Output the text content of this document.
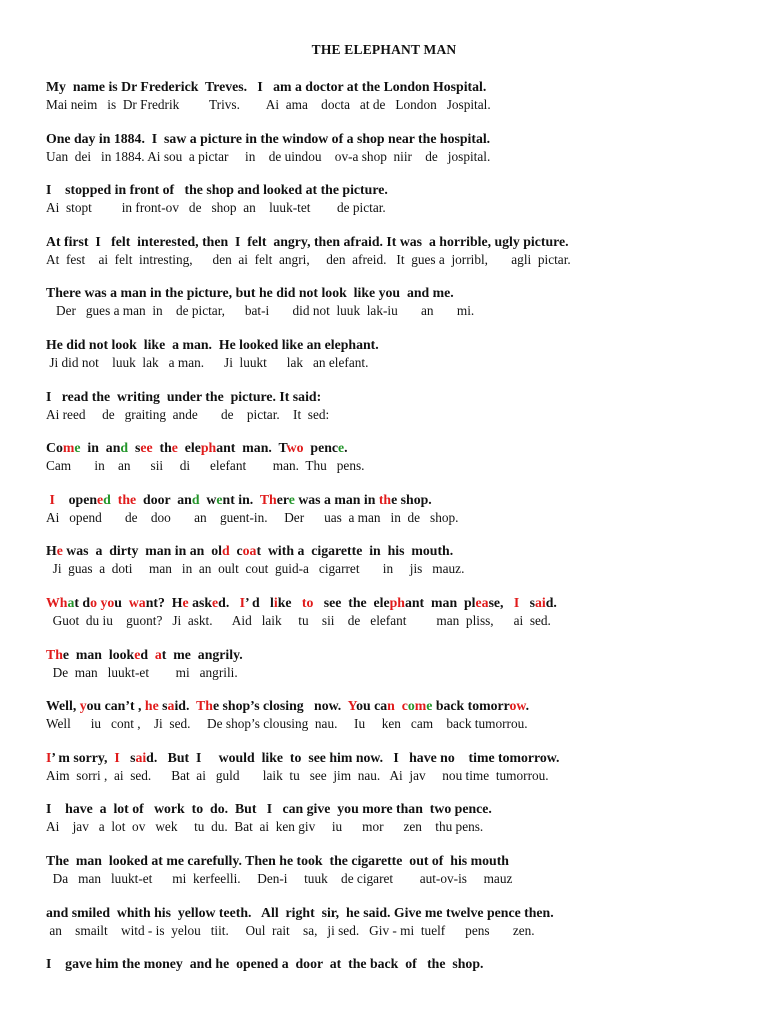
THE ELEPHANT MAN
My  name is Dr Frederick  Treves.   I   am a doctor at the London Hospital.
Mai neim   is  Dr Fredrik         Trivs.        Ai  ama    docta   at de   London   Jospital.
One day in 1884.  I  saw a picture in the window of a shop near the hospital.
Uan  dei   in 1884. Ai sou  a pictar     in    de uindou    ov-a shop  niir    de   jospital.
I    stopped in front of   the shop and looked at the picture.
Ai  stopt         in front-ov   de   shop  an    luuk-tet        de pictar.
At first  I   felt  interested, then  I  felt  angry, then afraid. It was  a horrible, ugly picture.
At  fest    ai  felt  intresting,      den  ai  felt  angri,     den  afreid.   It  gues a  jorribl,       agli  pictar.
There was a man in the picture, but he did not look  like you  and me.
Der   gues a man  in    de pictar,      bat-i       did not  luuk  lak-iu       an       mi.
He did not look  like  a man.  He looked like an elephant.
Ji did not    luuk  lak   a man.      Ji  luukt      lak   an elefant.
I   read the  writing  under the  picture. It said:
Ai reed     de   graiting  ande       de    pictar.    It  sed:
Come  in  and  see  the  elephant  man.  Two  pence.
Cam       in    an      sii     di      elefant        man.  Thu   pens.
I    opened the  door  and  went in.  There was a man in the shop.
Ai   opend       de    doo       an    guent-in.     Der      uas  a man   in  de   shop.
He was  a  dirty  man in an  old  coat  with a  cigarette  in  his  mouth.
Ji  guas  a  doti     man   in  an  oult  cout  guid-a   cigarret       in     jis   mauz.
What do you  want?  He asked.   I’ d   like   to   see  the  elephant  man  please,   I   said.
Guot  du iu    guont?   Ji  askt.      Aid   laik     tu    sii    de   elefant         man  pliss,      ai  sed.
The  man  looked  at  me  angrily.
De  man   luukt-et        mi   angrili.
Well, you can’t , he said.  The shop’s closing   now.  You can come back tomorrow.
Well      iu   cont ,    Ji  sed.     De shop’s clousing  nau.     Iu     ken   cam    back tumorrou.
I’ m sorry,  I   said.   But  I     would  like  to  see him now.   I   have no    time tomorrow.
Aim  sorri ,  ai  sed.      Bat  ai   guld       laik  tu   see  jim  nau.   Ai  jav     nou time  tumorrou.
I    have  a  lot of   work  to  do.  But   I   can give  you more than  two pence.
Ai    jav   a  lot  ov   wek     tu  du.  Bat  ai  ken giv     iu      mor      zen    thu pens.
The  man  looked at me carefully. Then he took  the cigarette  out of  his mouth
Da   man   luukt-et      mi  kerfeelli.     Den-i     tuuk    de cigaret        aut-ov-is     mauz
and smiled  whith his  yellow teeth.   All  right  sir,  he said. Give me twelve pence then.
an    smailt    witd - is  yelou   tiit.     Oul  rait    sa,   ji sed.   Giv - mi  tuelf      pens       zen.
I    gave him the money  and he  opened a  door  at  the back  of   the  shop.
